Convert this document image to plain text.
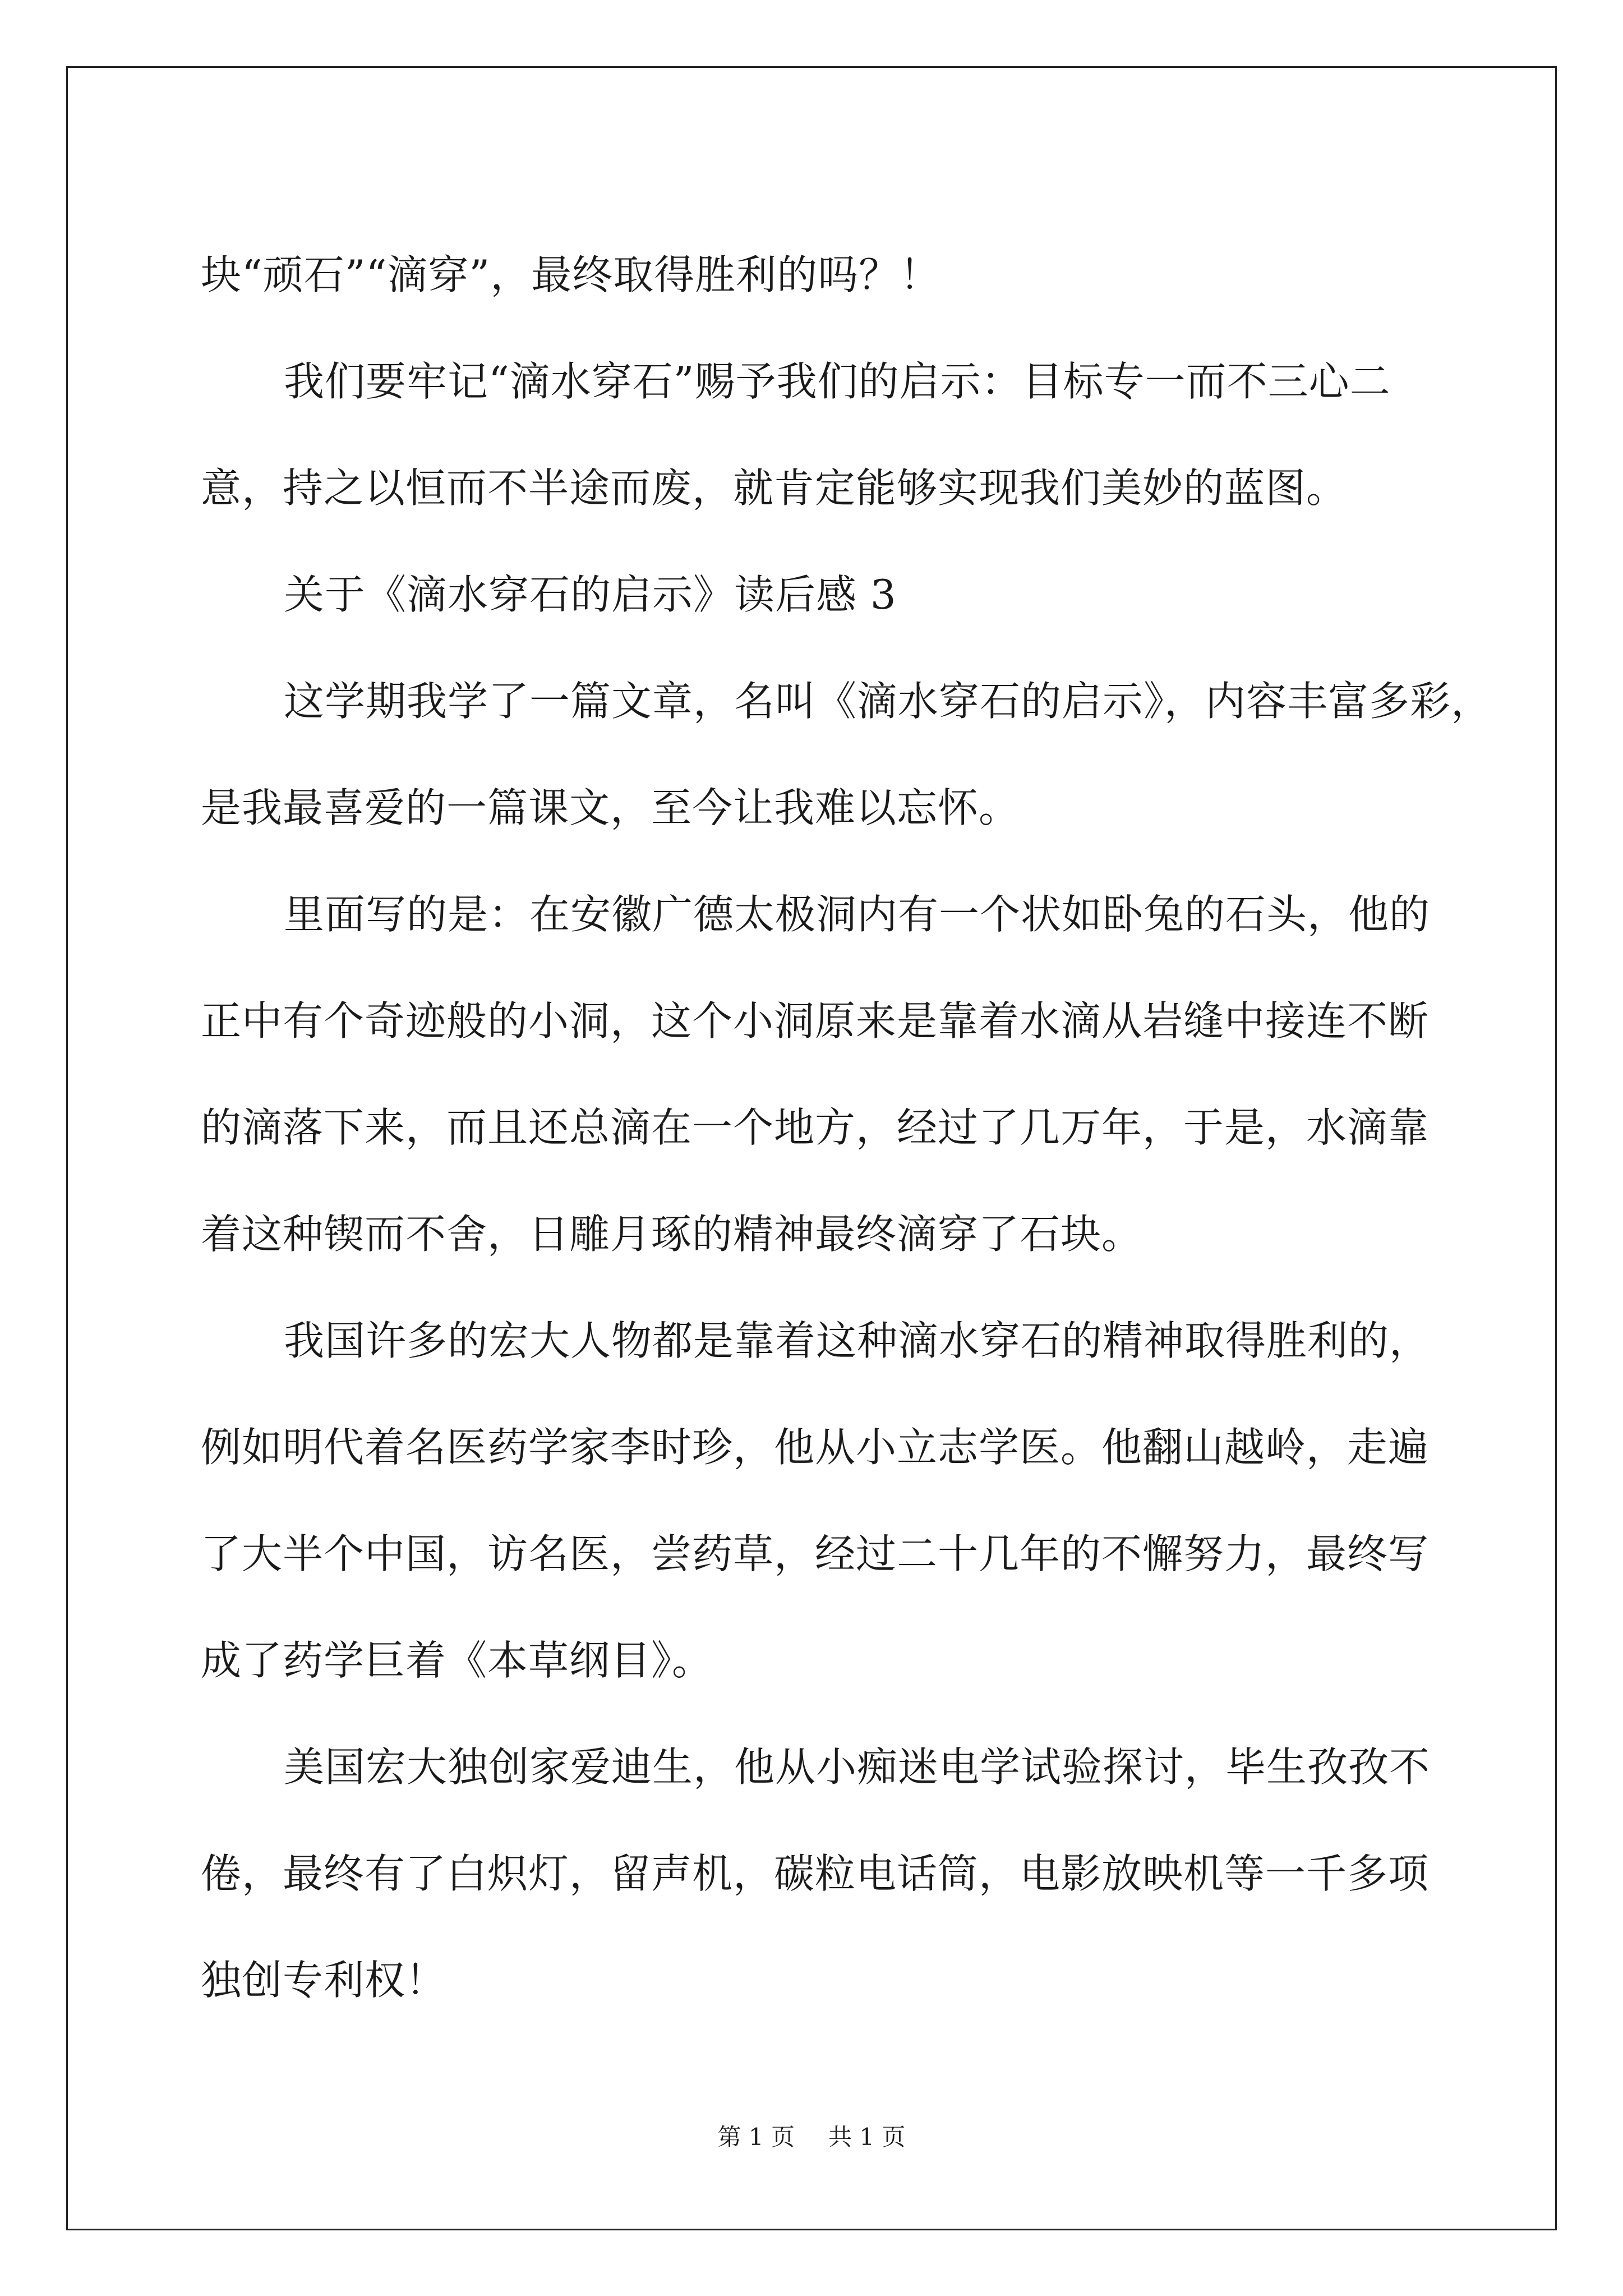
块“顽石”“滴穿”，最终取得胜利的吗？！
我们要牢记“滴水穿石”赐予我们的启示：目标专一而不三心二
意，持之以恒而不半途而废，就肯定能够实现我们美妙的蓝图。
关于《滴水穿石的启示》读后感 3
这学期我学了一篇文章，名叫《滴水穿石的启示》，内容丰富多彩，
是我最喜爱的一篇课文，至今让我难以忘怀。
里面写的是：在安徽广德太极洞内有一个状如卧兔的石头，他的
正中有个奇迹般的小洞，这个小洞原来是靠着水滴从岩缝中接连不断
的滴落下来，而且还总滴在一个地方，经过了几万年，于是，水滴靠
着这种锲而不舍，日雕月琢的精神最终滴穿了石块。
我国许多的宏大人物都是靠着这种滴水穿石的精神取得胜利的，
例如明代着名医药学家李时珍，他从小立志学医。他翻山越岭，走遍
了大半个中国，访名医，尝药草，经过二十几年的不懈努力，最终写
成了药学巨着《本草纲目》。
美国宏大独创家爱迪生，他从小痴迷电学试验探讨，毕生孜孜不
倦，最终有了白炽灯，留声机，碳粒电话筒，电影放映机等一千多项
独创专利权！
第 1 页 共 1 页
